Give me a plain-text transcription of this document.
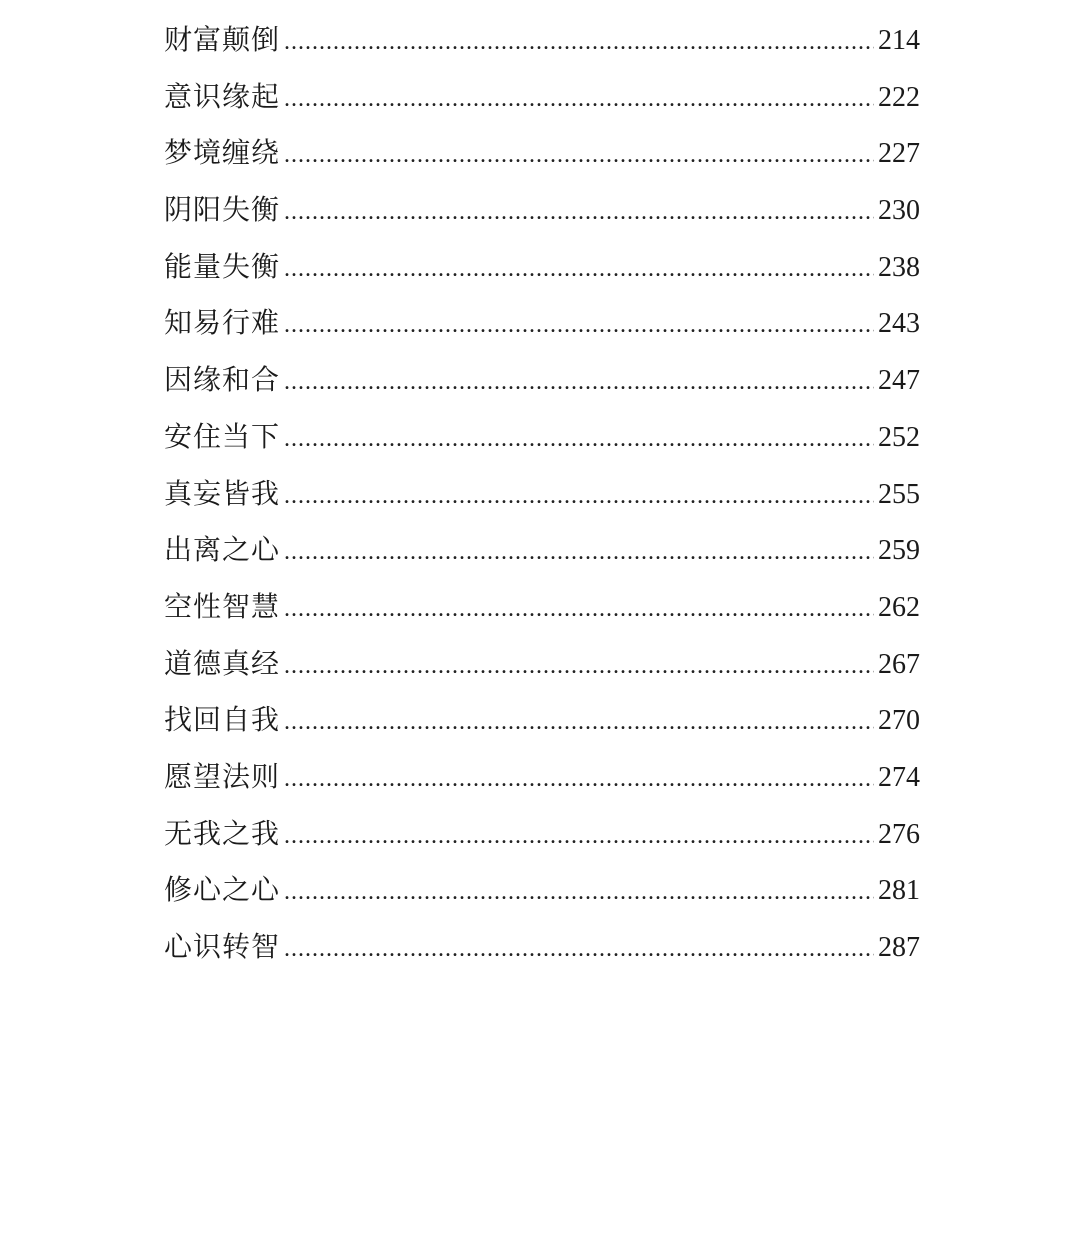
财富颠倒 .....	214
意识缘起 .....	222
梦境缠绕 .....	227
阴阳失衡 .....	230
能量失衡 .....	238
知易行难 .....	243
因缘和合 .....	247
安住当下 .....	252
真妄皆我 .....	255
出离之心 .....	259
空性智慧 .....	262
道德真经 .....	267
找回自我 .....	270
愿望法则 .....	274
无我之我 .....	276
修心之心 .....	281
心识转智 .....	287
